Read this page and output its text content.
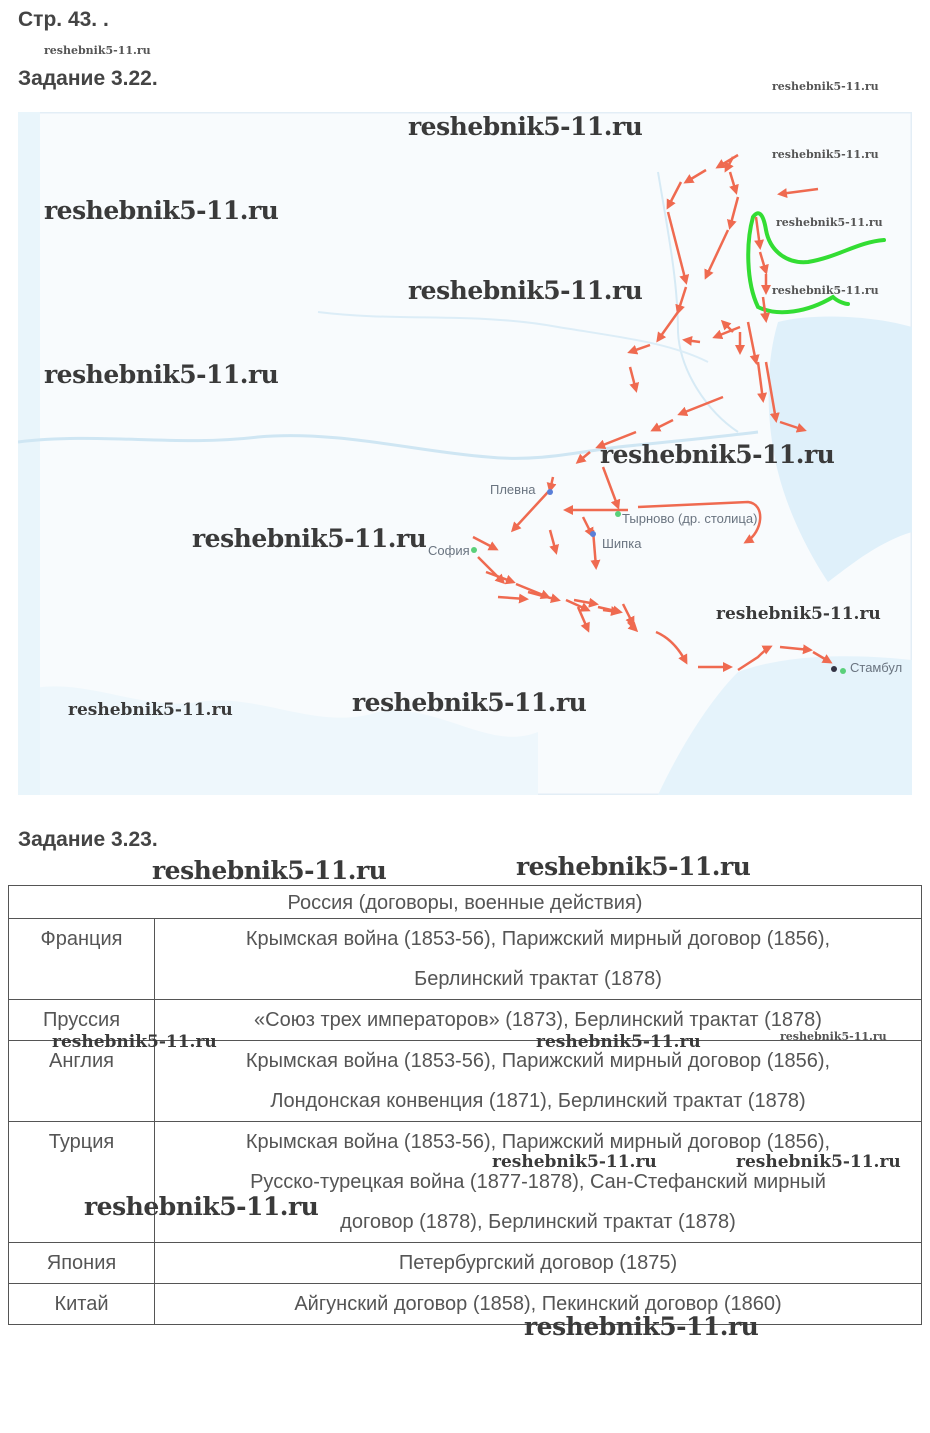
Стр. 43. .
Задание 3.22.
Плевна
София
Тырново (др. столица)
Шипка
Стамбул
Задание 3.23.
Россия (договоры, военные действия)	
Франция	Крымская война (1853-56), Парижский мирный договор (1856),
Берлинский трактат (1878)

Пруссия	«Союз трех императоров» (1873), Берлинский трактат (1878)

Англия	Крымская война (1853-56), Парижский мирный договор (1856),
Лондонская конвенция (1871), Берлинский трактат (1878)

Турция	Крымская война (1853-56), Парижский мирный договор (1856),
Русско-турецкая война (1877-1878), Сан-Стефанский мирный
договор (1878), Берлинский трактат (1878)

Япония	Петербургский договор (1875)

Китай	Айгунский договор (1858), Пекинский договор (1860)
reshebnik5-11.ru
reshebnik5-11.ru
reshebnik5-11.ru
reshebnik5-11.ru
reshebnik5-11.ru	reshebnik5-11.ru
reshebnik5-11.ru	reshebnik5-11.ru
reshebnik5-11.ru
reshebnik5-11.ru
reshebnik5-11.ru
reshebnik5-11.ru
reshebnik5-11.ru
reshebnik5-11.ru
reshebnik5-11.ru	reshebnik5-11.ru
reshebnik5-11.ru	reshebnik5-11.ru	reshebnik5-11.ru
reshebnik5-11.ru	reshebnik5-11.ru
reshebnik5-11.ru
reshebnik5-11.ru
